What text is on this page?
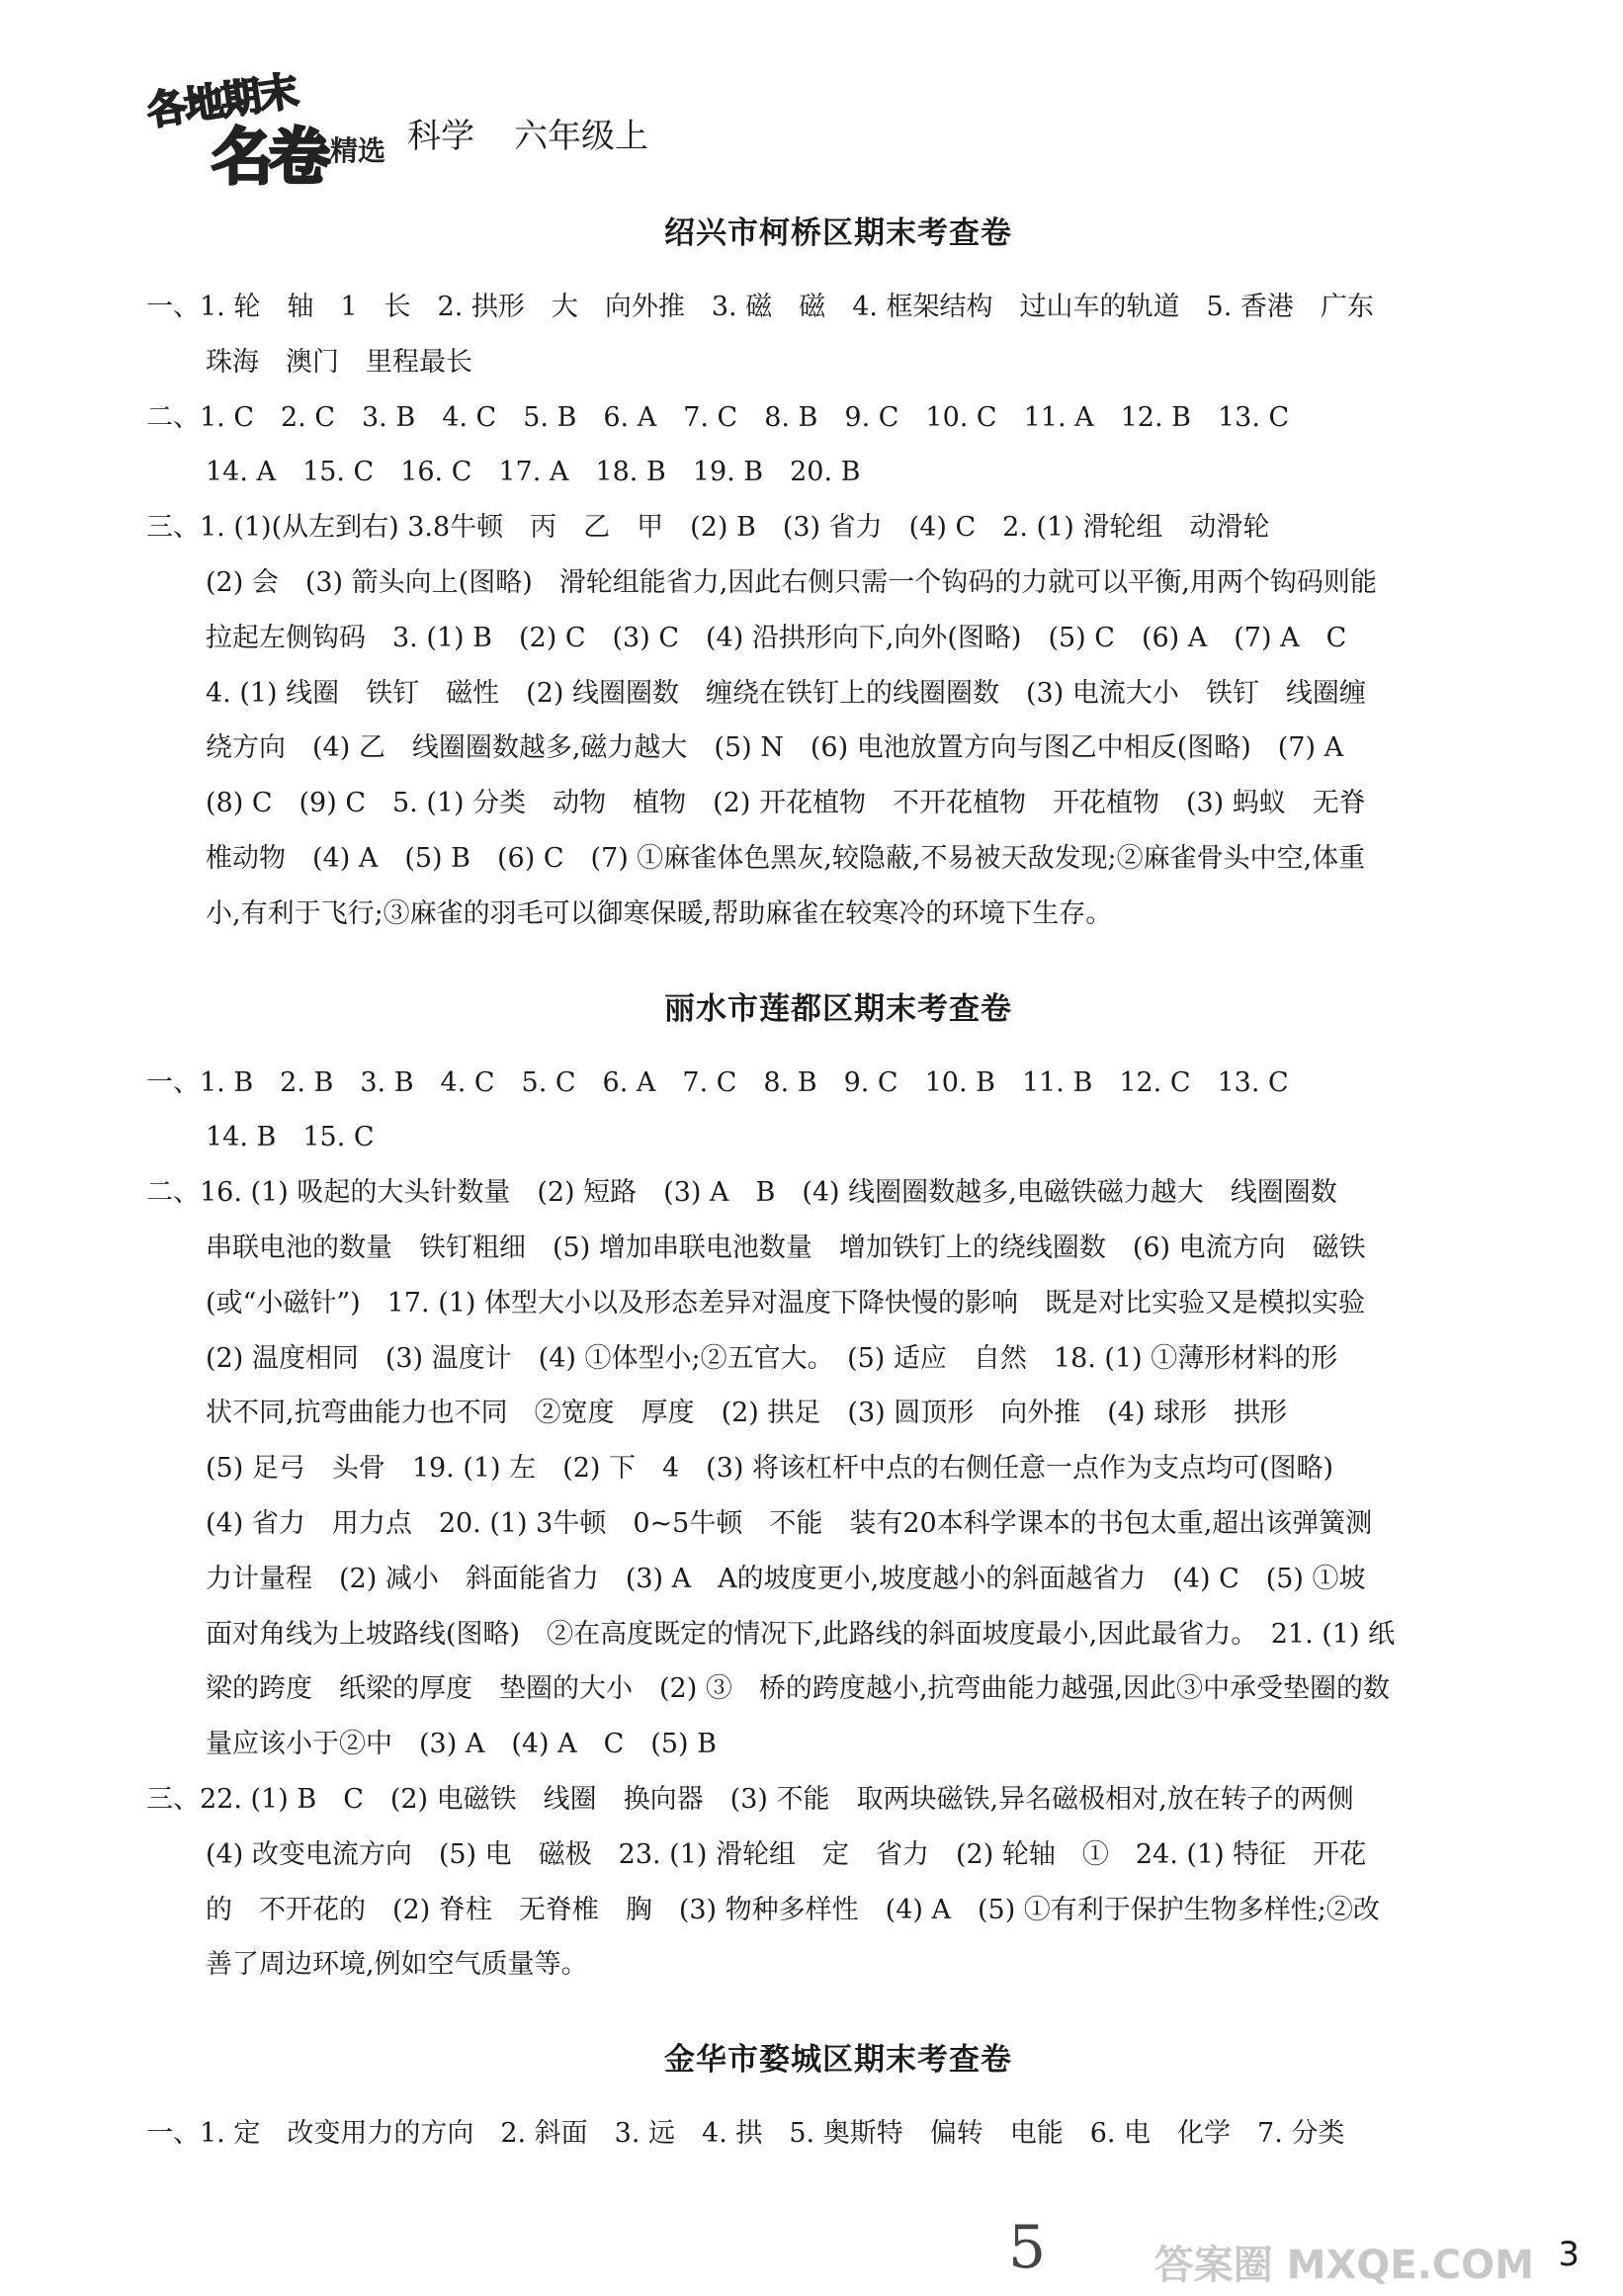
各地期末
名卷 精选 科学 六年级上
绍兴市柯桥区期末考查卷
一、1. 轮　轴　1　长　2. 拱形　大　向外推　3. 磁　磁　4. 框架结构　过山车的轨道　5. 香港　广东
珠海　澳门　里程最长
二、1. C　2. C　3. B　4. C　5. B　6. A　7. C　8. B　9. C　10. C　11. A　12. B　13. C
14. A　15. C　16. C　17. A　18. B　19. B　20. B
三、1. (1)(从左到右) 3.8牛顿　丙　乙　甲　(2) B　(3) 省力　(4) C　2. (1) 滑轮组　动滑轮
(2) 会　(3) 箭头向上(图略)　滑轮组能省力,因此右侧只需一个钩码的力就可以平衡,用两个钩码则能
拉起左侧钩码　3. (1) B　(2) C　(3) C　(4) 沿拱形向下,向外(图略)　(5) C　(6) A　(7) A　C
4. (1) 线圈　铁钉　磁性　(2) 线圈圈数　缠绕在铁钉上的线圈圈数　(3) 电流大小　铁钉　线圈缠
绕方向　(4) 乙　线圈圈数越多,磁力越大　(5) N　(6) 电池放置方向与图乙中相反(图略)　(7) A
(8) C　(9) C　5. (1) 分类　动物　植物　(2) 开花植物　不开花植物　开花植物　(3) 蚂蚁　无脊
椎动物　(4) A　(5) B　(6) C　(7) ①麻雀体色黑灰,较隐蔽,不易被天敌发现;②麻雀骨头中空,体重
小,有利于飞行;③麻雀的羽毛可以御寒保暖,帮助麻雀在较寒冷的环境下生存。
丽水市莲都区期末考查卷
一、1. B　2. B　3. B　4. C　5. C　6. A　7. C　8. B　9. C　10. B　11. B　12. C　13. C
14. B　15. C
二、16. (1) 吸起的大头针数量　(2) 短路　(3) A　B　(4) 线圈圈数越多,电磁铁磁力越大　线圈圈数
串联电池的数量　铁钉粗细　(5) 增加串联电池数量　增加铁钉上的绕线圈数　(6) 电流方向　磁铁
(或“小磁针”)　17. (1) 体型大小以及形态差异对温度下降快慢的影响　既是对比实验又是模拟实验
(2) 温度相同　(3) 温度计　(4) ①体型小;②五官大。　(5) 适应　自然　18. (1) ①薄形材料的形
状不同,抗弯曲能力也不同　②宽度　厚度　(2) 拱足　(3) 圆顶形　向外推　(4) 球形　拱形
(5) 足弓　头骨　19. (1) 左　(2) 下　4　(3) 将该杠杆中点的右侧任意一点作为支点均可(图略)
(4) 省力　用力点　20. (1) 3牛顿　0~5牛顿　不能　装有20本科学课本的书包太重,超出该弹簧测
力计量程　(2) 减小　斜面能省力　(3) A　A的坡度更小,坡度越小的斜面越省力　(4) C　(5) ①坡
面对角线为上坡路线(图略)　②在高度既定的情况下,此路线的斜面坡度最小,因此最省力。　21. (1) 纸
梁的跨度　纸梁的厚度　垫圈的大小　(2) ③　桥的跨度越小,抗弯曲能力越强,因此③中承受垫圈的数
量应该小于②中　(3) A　(4) A　C　(5) B
三、22. (1) B　C　(2) 电磁铁　线圈　换向器　(3) 不能　取两块磁铁,异名磁极相对,放在转子的两侧
(4) 改变电流方向　(5) 电　磁极　23. (1) 滑轮组　定　省力　(2) 轮轴　①　24. (1) 特征　开花
的　不开花的　(2) 脊柱　无脊椎　胸　(3) 物种多样性　(4) A　(5) ①有利于保护生物多样性;②改
善了周边环境,例如空气质量等。
金华市婺城区期末考查卷
一、1. 定　改变用力的方向　2. 斜面　3. 远　4. 拱　5. 奥斯特　偏转　电能　6. 电　化学　7. 分类
5	答案圈 MXQE.COM 3
